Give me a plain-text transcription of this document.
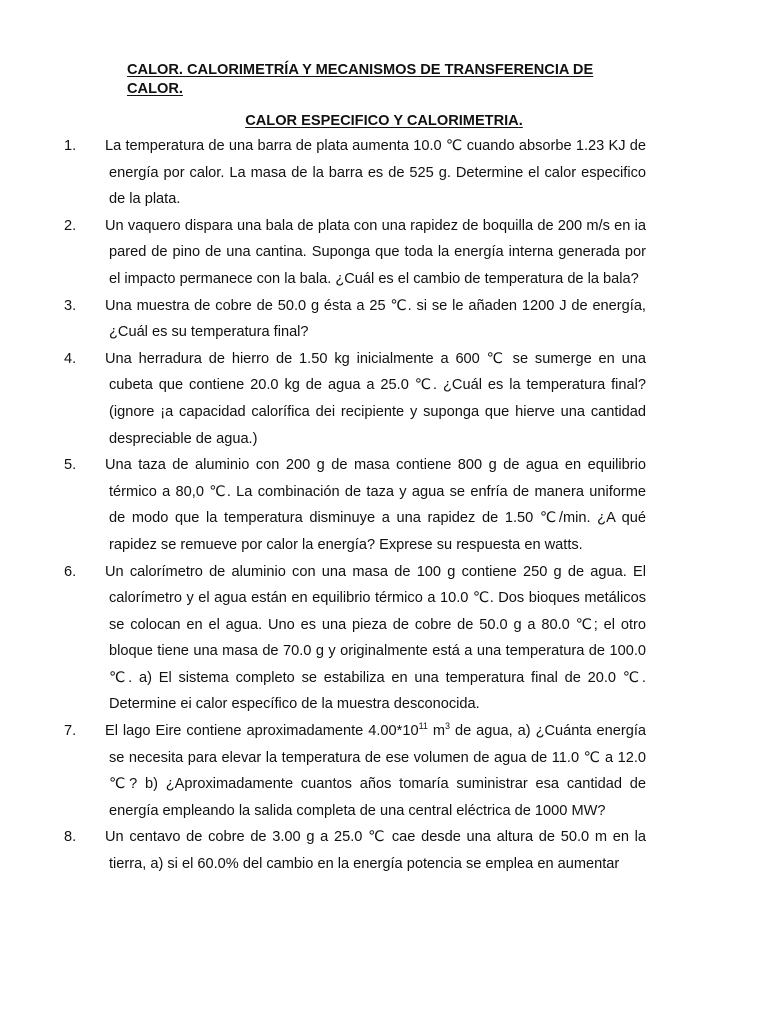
CALOR. CALORIMETRÍA Y MECANISMOS DE TRANSFERENCIA DE CALOR.
CALOR ESPECIFICO Y CALORIMETRIA.
1. La temperatura de una barra de plata aumenta 10.0 ℃ cuando absorbe 1.23 KJ de energía por calor. La masa de la barra es de 525 g. Determine el calor especifico de la plata.
2. Un vaquero dispara una bala de plata con una rapidez de boquilla de 200 m/s en ia pared de pino de una cantina. Suponga que toda la energía interna generada por el impacto permanece con la bala. ¿Cuál es el cambio de temperatura de la bala?
3. Una muestra de cobre de 50.0 g ésta a 25 ℃. si se le añaden 1200 J de energía, ¿Cuál es su temperatura final?
4. Una herradura de hierro de 1.50 kg inicialmente a 600 ℃ se sumerge en una cubeta que contiene 20.0 kg de agua a 25.0 ℃. ¿Cuál es la temperatura final? (ignore ¡a capacidad calorífica dei recipiente y suponga que hierve una cantidad despreciable de agua.)
5. Una taza de aluminio con 200 g de masa contiene 800 g de agua en equilibrio térmico a 80,0 ℃. La combinación de taza y agua se enfría de manera uniforme de modo que la temperatura disminuye a una rapidez de 1.50 ℃/min. ¿A qué rapidez se remueve por calor la energía? Exprese su respuesta en watts.
6. Un calorímetro de aluminio con una masa de 100 g contiene 250 g de agua. El calorímetro y el agua están en equilibrio térmico a 10.0 ℃. Dos bioques metálicos se colocan en el agua. Uno es una pieza de cobre de 50.0 g a 80.0 ℃; el otro bloque tiene una masa de 70.0 g y originalmente está a una temperatura de 100.0 ℃. a) El sistema completo se estabiliza en una temperatura final de 20.0 ℃. Determine ei calor específico de la muestra desconocida.
7. El lago Eire contiene aproximadamente $4.00*10^{11}$ $m^3$ de agua, a) ¿Cuánta energía se necesita para elevar la temperatura de ese volumen de agua de 11.0 ℃ a 12.0 ℃? b) ¿Aproximadamente cuantos años tomaría suministrar esa cantidad de energía empleando la salida completa de una central eléctrica de 1000 MW?
8. Un centavo de cobre de 3.00 g a 25.0 ℃ cae desde una altura de 50.0 m en la tierra, a) si el 60.0% del cambio en la energía potencia se emplea en aumentar
